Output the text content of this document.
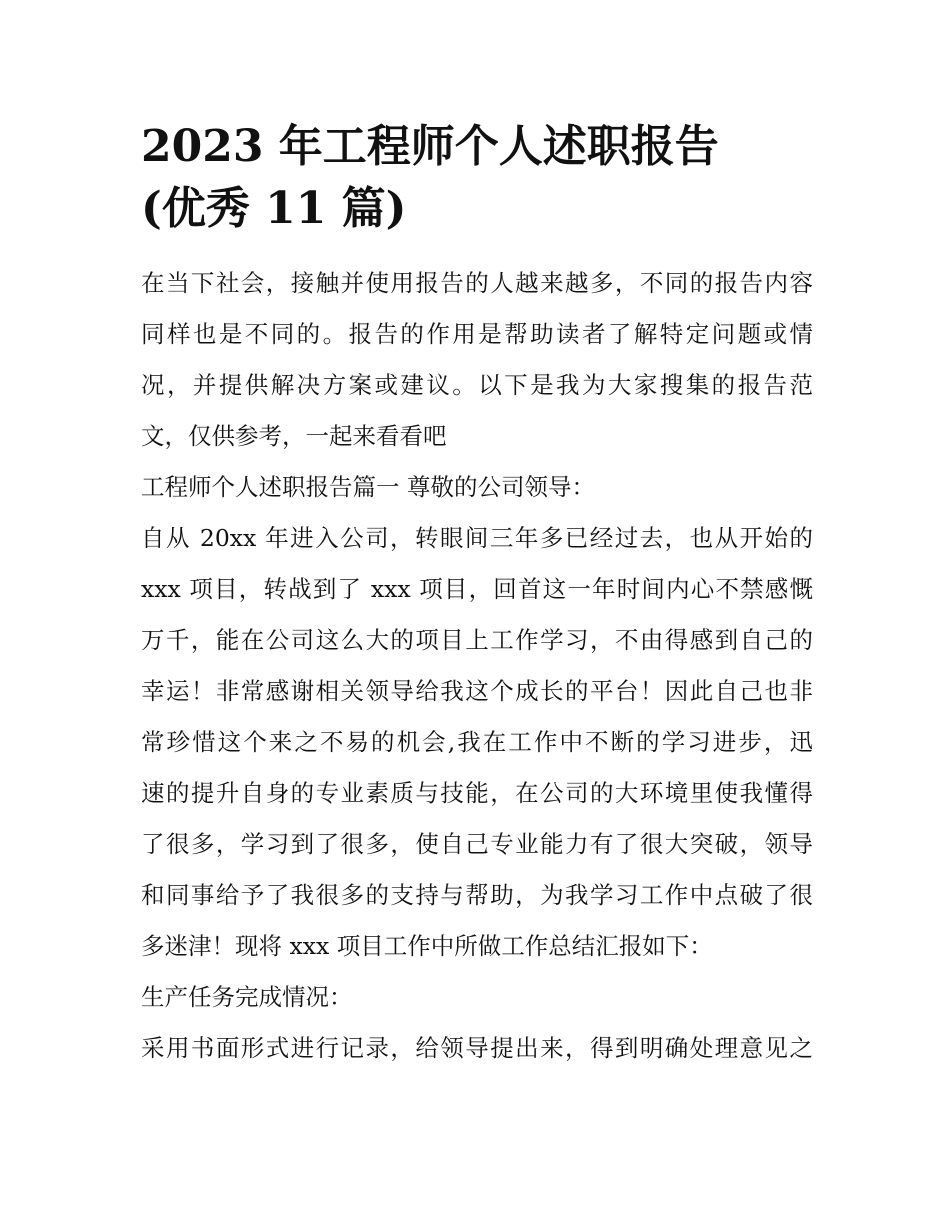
2023 年工程师个人述职报告
(优秀 11 篇)

在当下社会，接触并使用报告的人越来越多，不同的报告内容
同样也是不同的。报告的作用是帮助读者了解特定问题或情
况，并提供解决方案或建议。以下是我为大家搜集的报告范
文，仅供参考，一起来看看吧

工程师个人述职报告篇一 尊敬的公司领导：

自从 20xx 年进入公司，转眼间三年多已经过去，也从开始的
xxx 项目，转战到了 xxx 项目，回首这一年时间内心不禁感慨
万千，能在公司这么大的项目上工作学习，不由得感到自己的
幸运！非常感谢相关领导给我这个成长的平台！因此自己也非
常珍惜这个来之不易的机会,我在工作中不断的学习进步，迅
速的提升自身的专业素质与技能，在公司的大环境里使我懂得
了很多，学习到了很多，使自己专业能力有了很大突破，领导
和同事给予了我很多的支持与帮助，为我学习工作中点破了很
多迷津！现将 xxx 项目工作中所做工作总结汇报如下：

生产任务完成情况：

采用书面形式进行记录，给领导提出来，得到明确处理意见之
